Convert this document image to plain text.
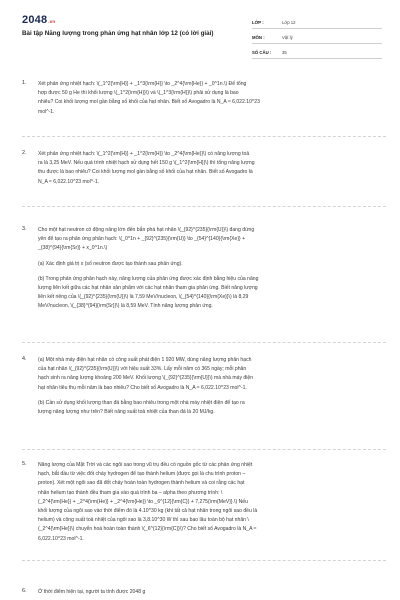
2048.vn
Bài tập Năng lượng trong phản ứng hạt nhân lớp 12 (có lời giải)
LỚP :	Lớp 12
MÔN :	Vật lý
SỐ CÂU :	35
1. Xét phản ứng nhiệt hạch: \(_1^2{\rm{H}} + _1^3{\rm{H}} \to _2^4{\rm{He}} + _0^1n.\) Để tổng
hợp được 50 g He thì khối lượng \(_1^2{\rm{H}}\) và \(_1^3{\rm{H}}\) phải sử dụng là bao
nhiêu? Coi khối lượng mol gần bằng số khối của hạt nhân. Biết số Avogadro là N_A ≈ 6,022.10^23
mol^-1.
2. Xét phản ứng nhiệt hạch: \(_1^2{\rm{H}} + _1^2{\rm{H}} \to _2^4{\rm{He}}\) có năng lượng toả
ra là 3,25 MeV. Nếu quá trình nhiệt hạch sử dụng hết 150 g \(_1^2{\rm{H}}\) thì tổng năng lượng
thu được là bao nhiêu? Coi khối lượng mol gần bằng số khối của hạt nhân. Biết số Avogadro là
N_A ≈ 6,022.10^23 mol^-1.
3. Cho một hạt neutron có động năng lớn đến bắn phá hạt nhân \(_{92}^{235}{\rm{U}}\) đang đứng
yên để tạo ra phản ứng phân hạch: \(_0^1n + _{92}^{235}{\rm{U}} \to _{54}^{140}{\rm{Xe}} +
_{38}^{94}{\rm{Sr}} + x_0^1n.\)
(a) Xác định giá trị x (số neutron được tạo thành sau phản ứng).
(b) Trong phản ứng phân hạch này, năng lượng của phản ứng được xác định bằng hiệu của năng
lượng liên kết giữa các hạt nhân sản phẩm với các hạt nhân tham gia phản ứng. Biết năng lượng
liên kết riêng của \(_{92}^{235}{\rm{U}}\) là 7,59 MeV/nucleon, \(_{54}^{140}{\rm{Xe}}\) là 8,29
MeV/nucleon, \(_{38}^{94}{\rm{Sr}}\) là 8,59 MeV. Tính năng lượng phản ứng.
4. (a) Một nhà máy điện hạt nhân có công suất phát điện 1 920 MW, dùng năng lượng phân hạch
của hạt nhân \(_{92}^{235}{\rm{U}}\) với hiệu suất 33%. Lấy mỗi năm có 365 ngày; mỗi phân
hạch sinh ra năng lượng khoảng 200 MeV. Khối lượng \(_{92}^{235}{\rm{U}}\) mà nhà máy điện
hạt nhân tiêu thụ mỗi năm là bao nhiêu? Cho biết số Avogadro là N_A ≈ 6,022.10^23 mol^-1.
(b) Cần sử dụng khối lượng than đá bằng bao nhiêu trong một nhà máy nhiệt điện để tạo ra
lượng năng lượng như trên? Biết năng suất toả nhiệt của than đá là 20 MJ/kg.
5. Năng lượng của Mặt Trời và các ngôi sao trong vũ trụ đều có nguồn gốc từ các phản ứng nhiệt
hạch, bắt đầu từ việc đốt cháy hydrogen để tạo thành helium (được gọi là chu trình proton –
proton). Xét một ngôi sao đã đốt cháy hoàn toàn hydrogen thành helium và coi rằng các hạt
nhân helium tạo thành đều tham gia vào quá trình ba – alpha theo phương trình: \
(_2^4{\rm{He}} + _2^4{\rm{He}} + _2^4{\rm{He}} \to _6^{12}{\rm{C}} + 7,275{\rm{MeV}}.\) Nếu
khối lượng của ngôi sao vào thời điểm đó là 4.10^30 kg (khi tất cả hạt nhân trong ngôi sao đều là
helium) và công suất toả nhiệt của ngôi sao là 3,8.10^30 W thì sau bao lâu toàn bộ hạt nhân \
(_2^4{\rm{He}}\) chuyển hoá hoàn toàn thành \(_6^{12}{\rm{C}}\)? Cho biết số Avogadro là N_A ≈
6,022.10^23 mol^-1.
6. Ở thời điểm hiện tại, người ta tính được 2048 g
